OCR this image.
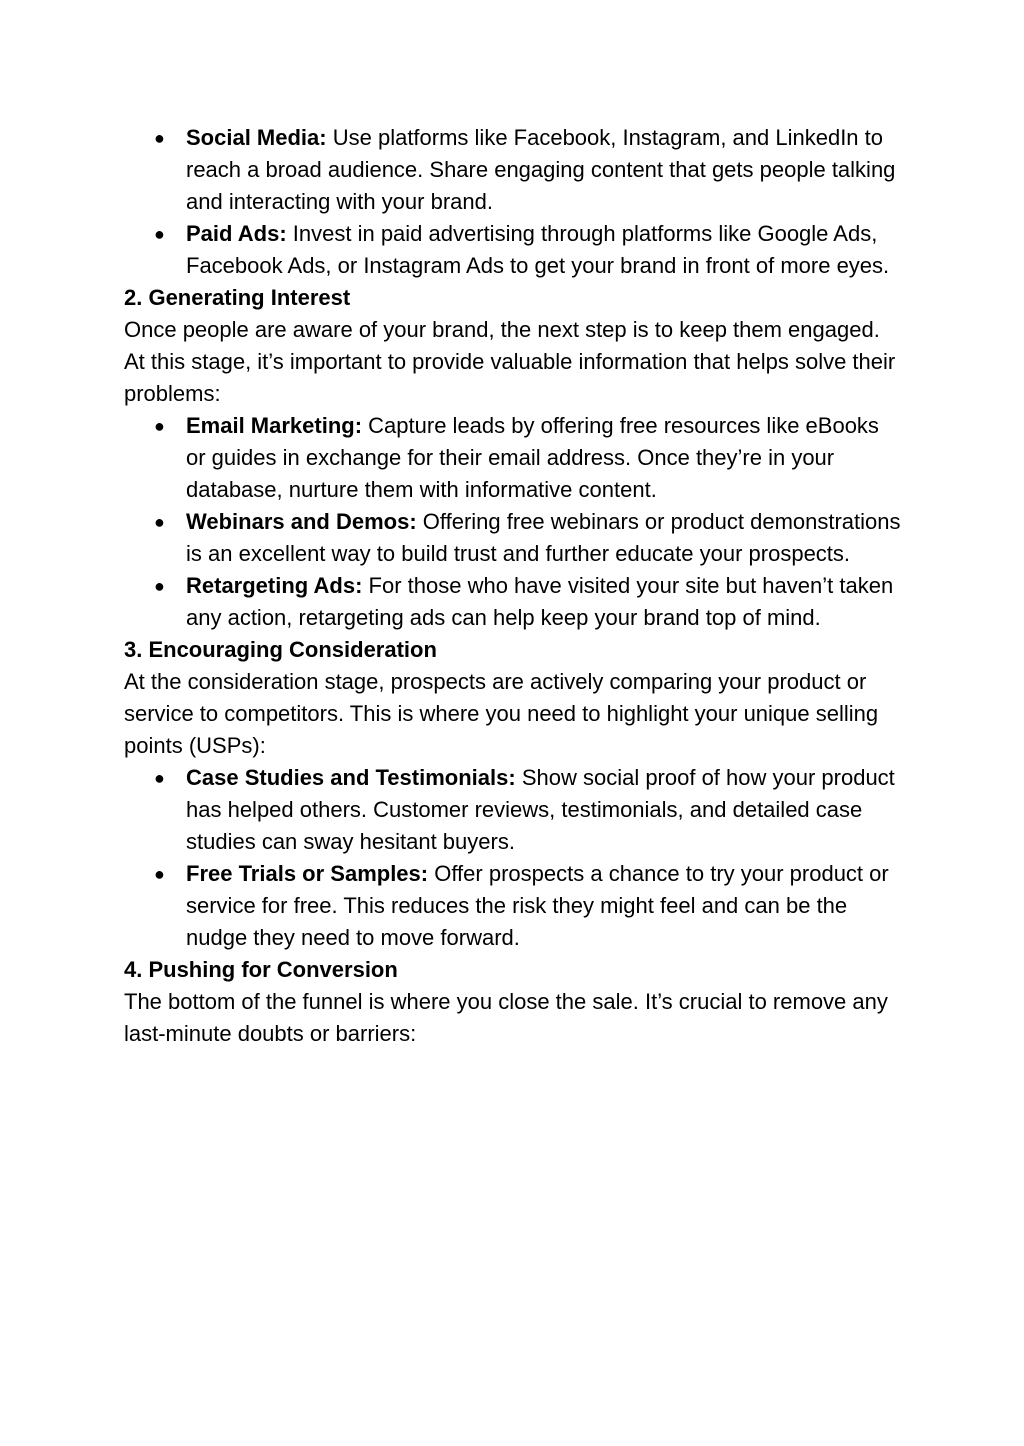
● Social Media: Use platforms like Facebook, Instagram, and LinkedIn to reach a broad audience. Share engaging content that gets people talking and interacting with your brand.
● Paid Ads: Invest in paid advertising through platforms like Google Ads, Facebook Ads, or Instagram Ads to get your brand in front of more eyes.
2. Generating Interest

Once people are aware of your brand, the next step is to keep them engaged. At this stage, it’s important to provide valuable information that helps solve their problems:

● Email Marketing: Capture leads by offering free resources like eBooks or guides in exchange for their email address. Once they’re in your database, nurture them with informative content.
● Webinars and Demos: Offering free webinars or product demonstrations is an excellent way to build trust and further educate your prospects.
● Retargeting Ads: For those who have visited your site but haven’t taken any action, retargeting ads can help keep your brand top of mind.
3. Encouraging Consideration

At the consideration stage, prospects are actively comparing your product or service to competitors. This is where you need to highlight your unique selling points (USPs):

● Case Studies and Testimonials: Show social proof of how your product has helped others. Customer reviews, testimonials, and detailed case studies can sway hesitant buyers.
● Free Trials or Samples: Offer prospects a chance to try your product or service for free. This reduces the risk they might feel and can be the nudge they need to move forward.
4. Pushing for Conversion

The bottom of the funnel is where you close the sale. It’s crucial to remove any last-minute doubts or barriers:
